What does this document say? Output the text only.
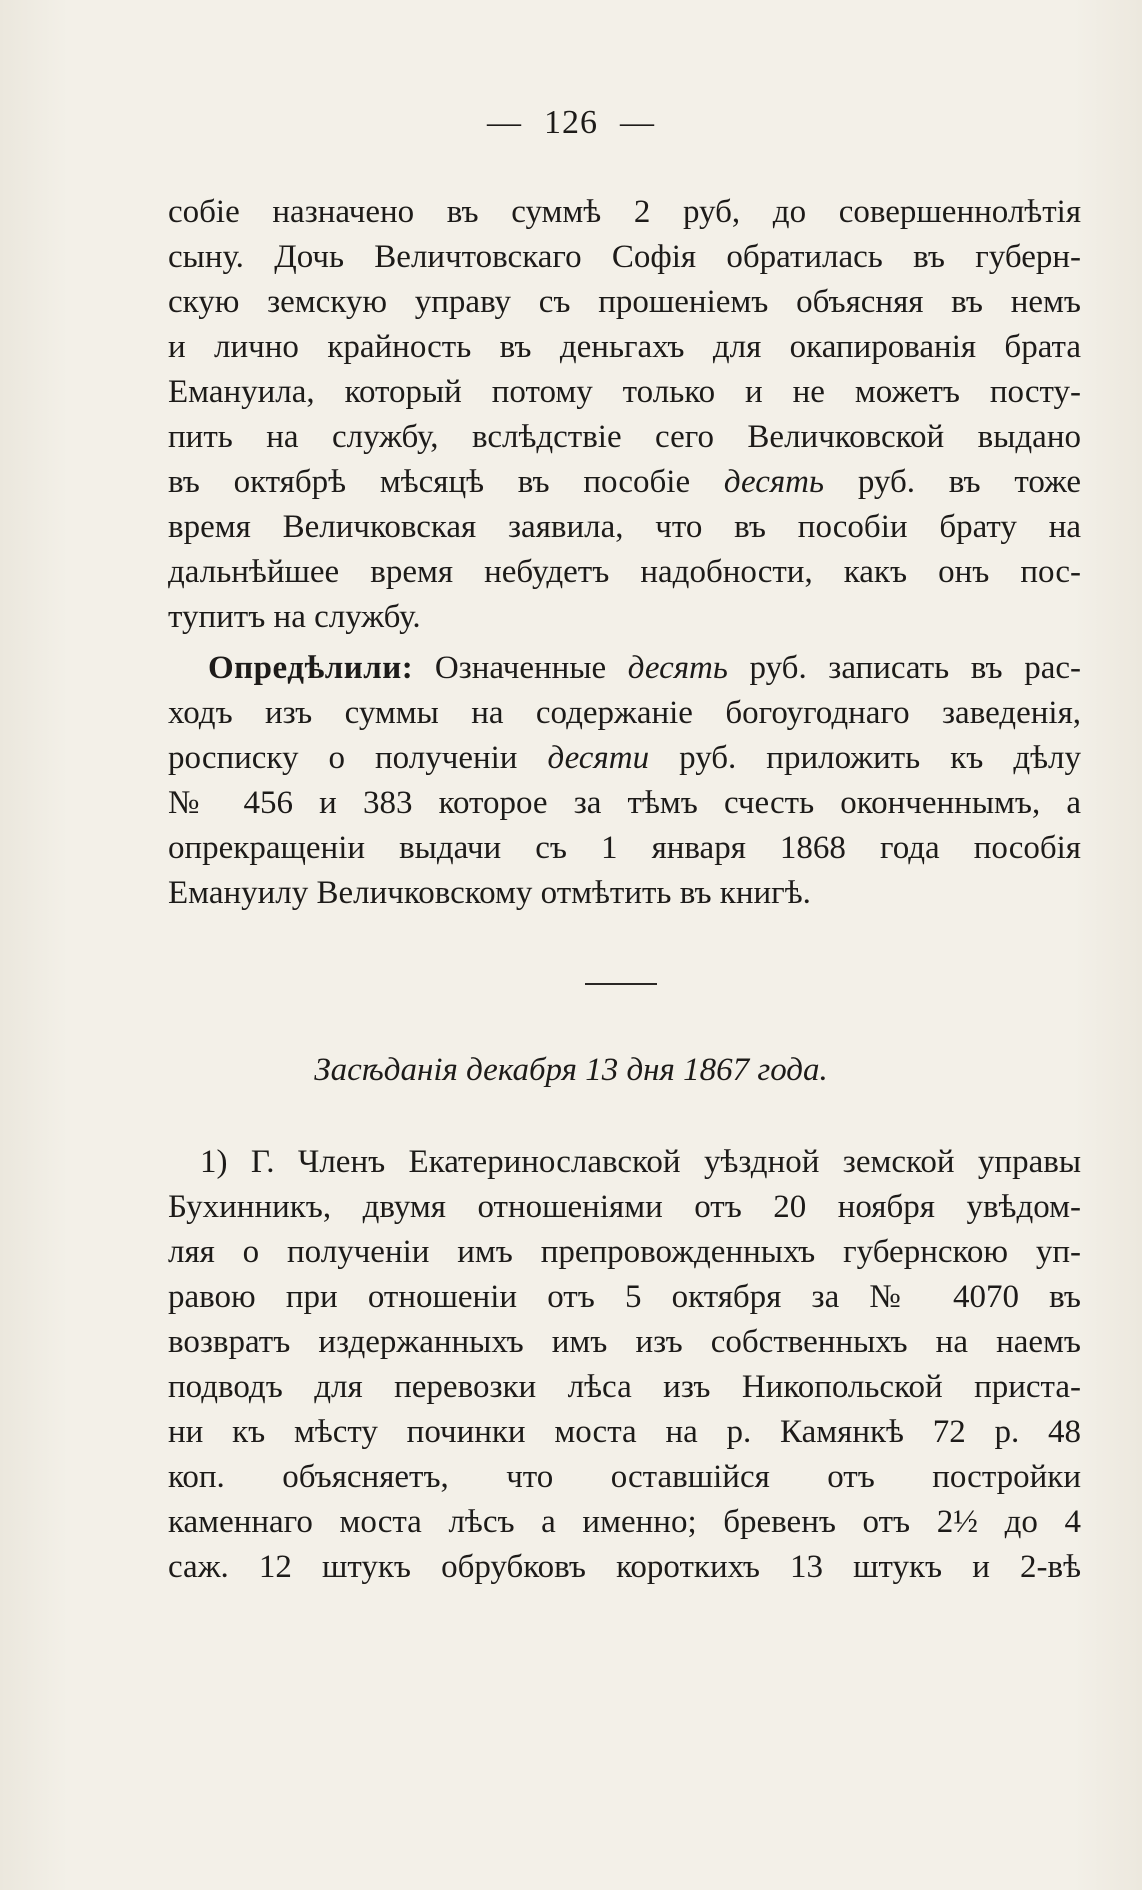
— 126 —
собіе назначено въ суммѣ 2 руб, до совершеннолѣтія
сыну. Дочь Величтовскаго Софія обратилась въ губерн-
скую земскую управу съ прошеніемъ объясняя въ немъ
и лично крайность въ деньгахъ для окапированія брата
Емануила, который потому только и не можетъ посту-
пить на службу, вслѣдствіе сего Величковской выдано
въ октябрѣ мѣсяцѣ въ пособіе десять руб. въ тоже
время Величковская заявила, что въ пособіи брату на
дальнѣйшее время небудетъ надобности, какъ онъ пос-
тупитъ на службу.
Опредѣлили: Означенные десять руб. записать въ рас-
ходъ изъ суммы на содержаніе богоугоднаго заведенія,
росписку о полученіи десяти руб. приложить къ дѣлу
№ 456 и 383 которое за тѣмъ счесть оконченнымъ, а
опрекращеніи выдачи съ 1 января 1868 года пособія
Емануилу Величковскому отмѣтить въ книгѣ.
Засѣданія декабря 13 дня 1867 года.
1) Г. Членъ Екатеринославской уѣздной земской управы
Бухинникъ, двумя отношеніями отъ 20 ноября увѣдом-
ляя о полученіи имъ препровожденныхъ губернскою уп-
равою при отношеніи отъ 5 октября за № 4070 въ
возвратъ издержанныхъ имъ изъ собственныхъ на наемъ
подводъ для перевозки лѣса изъ Никопольской приста-
ни къ мѣсту починки моста на р. Камянкѣ 72 р. 48
коп. объясняетъ, что оставшійся отъ постройки
каменнаго моста лѣсъ а именно; бревенъ отъ 2½ до 4
саж. 12 штукъ обрубковъ короткихъ 13 штукъ и 2-вѣ
